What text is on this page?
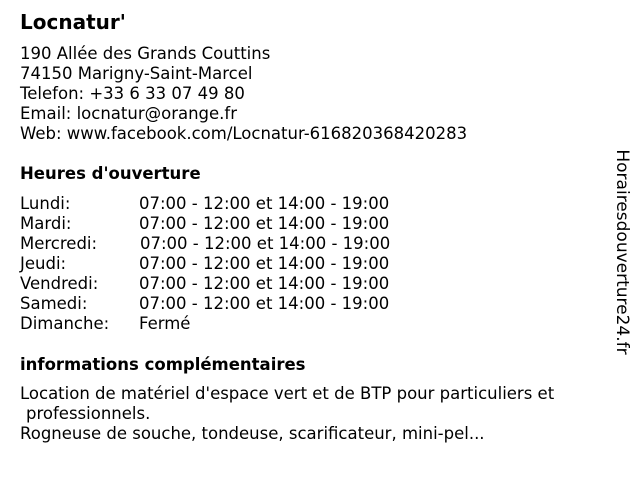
Locnatur'
190 Allée des Grands Couttins
74150 Marigny-Saint-Marcel
Telefon: +33 6 33 07 49 80
Email: locnatur@orange.fr
Web: www.facebook.com/Locnatur-616820368420283
Heures d'ouverture
Lundi:	07:00 - 12:00 et 14:00 - 19:00
Mardi:	07:00 - 12:00 et 14:00 - 19:00
Mercredi:	07:00 - 12:00 et 14:00 - 19:00
Jeudi:	07:00 - 12:00 et 14:00 - 19:00
Vendredi: 07:00 - 12:00 et 14:00 - 19:00
Samedi:	07:00 - 12:00 et 14:00 - 19:00
Dimanche: Fermé
informations complémentaires
Location de matériel d'espace vert et de BTP pour particuliers et
professionnels.
Rogneuse de souche, tondeuse, scarificateur, mini-pel...
Horairesdouverture24.fr
